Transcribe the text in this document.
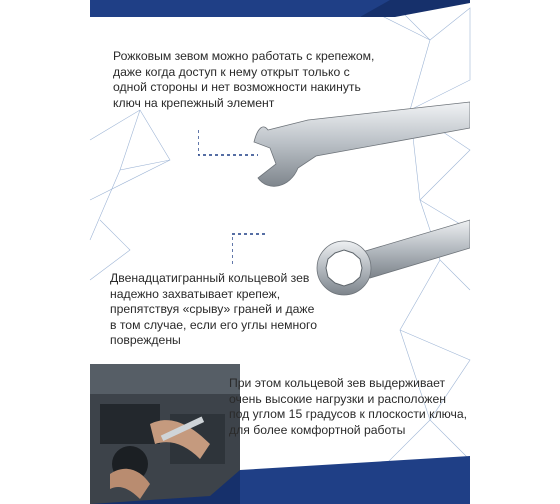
Рожковым зевом можно работать с крепежом,
даже когда доступ к нему открыт только с
одной стороны и нет возможности накинуть
ключ на крепежный элемент
Двенадцатигранный кольцевой зев
надежно захватывает крепеж,
препятствуя «срыву» граней и даже
в том случае, если его углы немного
повреждены
При этом кольцевой зев выдерживает
очень высокие нагрузки и расположен
под углом 15 градусов к плоскости ключа,
для более комфортной работы
